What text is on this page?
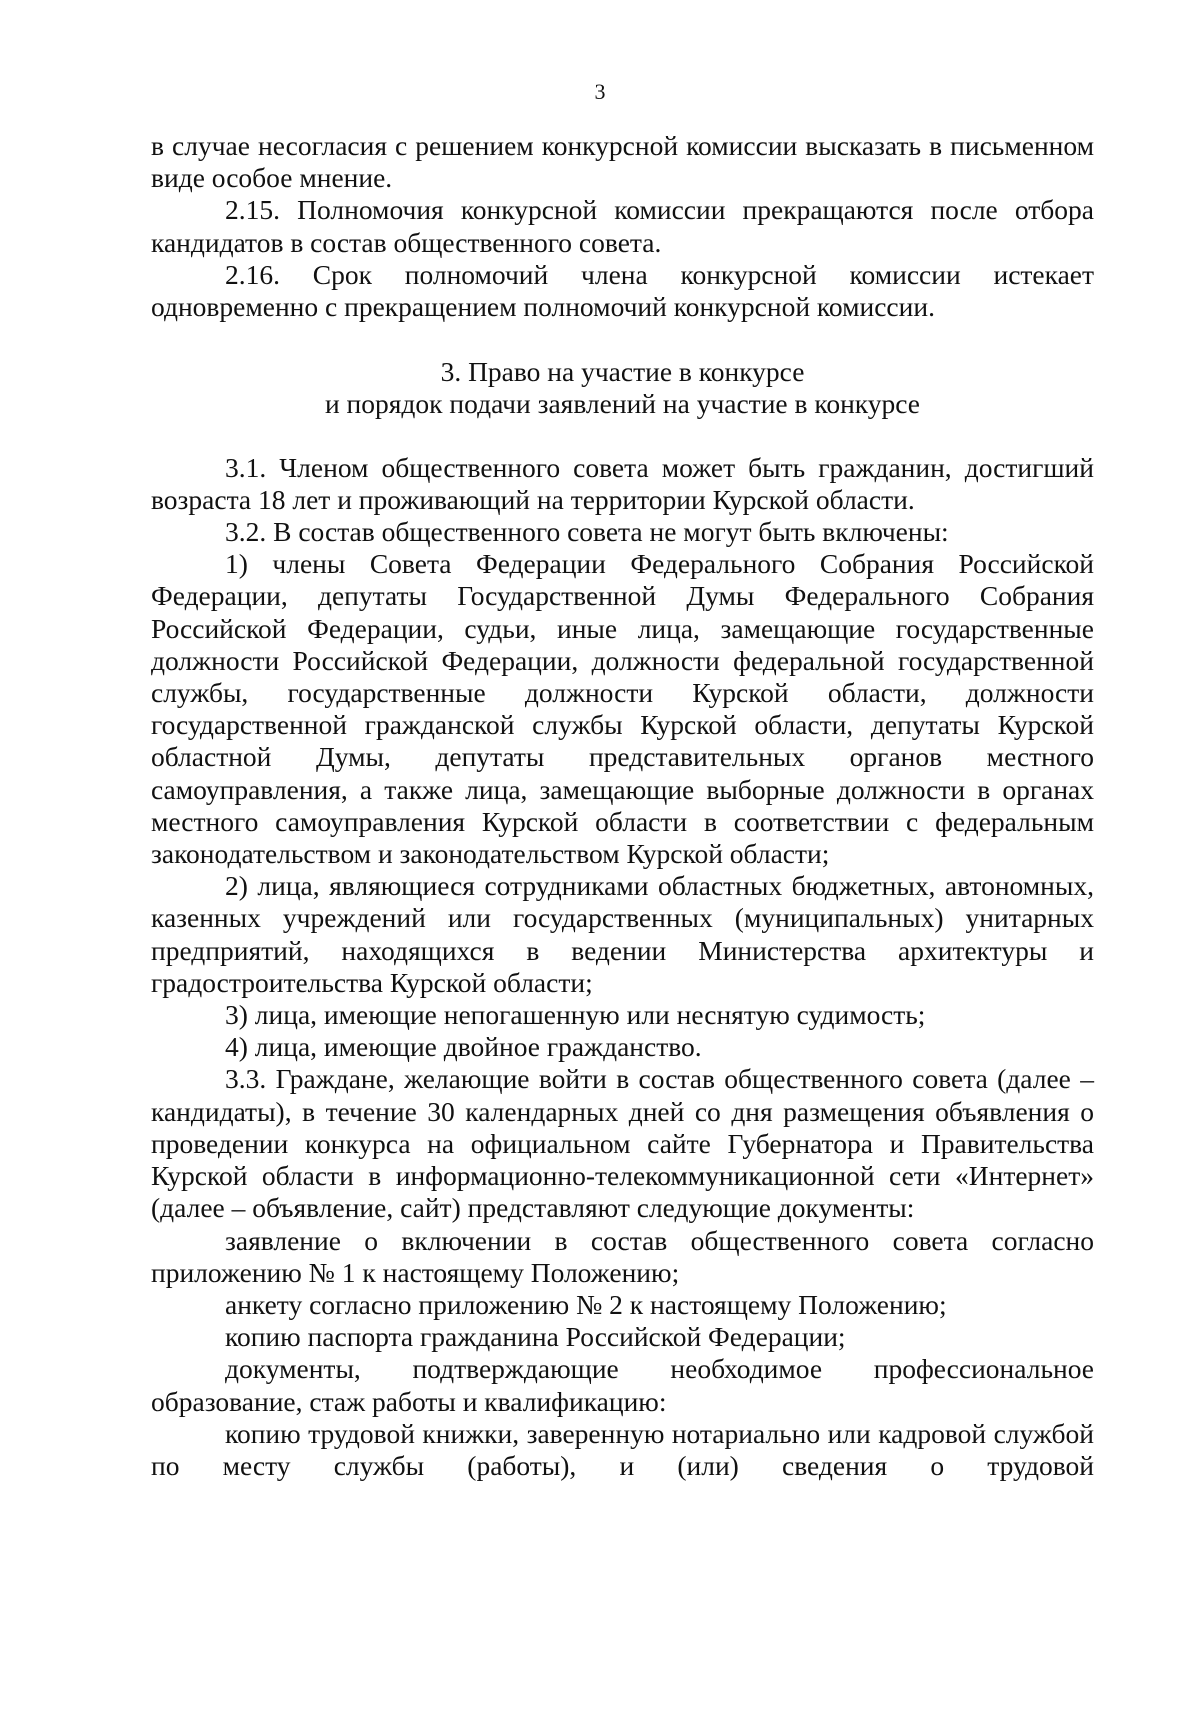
3

в случае несогласия с решением конкурсной комиссии высказать в письменном виде особое мнение.

2.15. Полномочия конкурсной комиссии прекращаются после отбора кандидатов в состав общественного совета.

2.16. Срок полномочий члена конкурсной комиссии истекает одновременно с прекращением полномочий конкурсной комиссии.

3. Право на участие в конкурсе

и порядок подачи заявлений на участие в конкурсе

3.1. Членом общественного совета может быть гражданин, достигший возраста 18 лет и проживающий на территории Курской области.

3.2. В состав общественного совета не могут быть включены:

1) члены Совета Федерации Федерального Собрания Российской Федерации, депутаты Государственной Думы Федерального Собрания Российской Федерации, судьи, иные лица, замещающие государственные должности Российской Федерации, должности федеральной государственной службы, государственные должности Курской области, должности государственной гражданской службы Курской области, депутаты Курской областной Думы, депутаты представительных органов местного самоуправления, а также лица, замещающие выборные должности в органах местного самоуправления Курской области в соответствии с федеральным законодательством и законодательством Курской области;

2) лица, являющиеся сотрудниками областных бюджетных, автономных, казенных учреждений или государственных (муниципальных) унитарных предприятий, находящихся в ведении Министерства архитектуры и градостроительства Курской области;

3) лица, имеющие непогашенную или неснятую судимость;

4) лица, имеющие двойное гражданство.

3.3. Граждане, желающие войти в состав общественного совета (далее – кандидаты), в течение 30 календарных дней со дня размещения объявления о проведении конкурса на официальном сайте Губернатора и Правительства Курской области в информационно-телекоммуникационной сети «Интернет» (далее – объявление, сайт) представляют следующие документы:

заявление о включении в состав общественного совета согласно приложению № 1 к настоящему Положению;

анкету согласно приложению № 2 к настоящему Положению;

копию паспорта гражданина Российской Федерации;

документы, подтверждающие необходимое профессиональное образование, стаж работы и квалификацию:

копию трудовой книжки, заверенную нотариально или кадровой службой по месту службы (работы), и (или) сведения о трудовой
